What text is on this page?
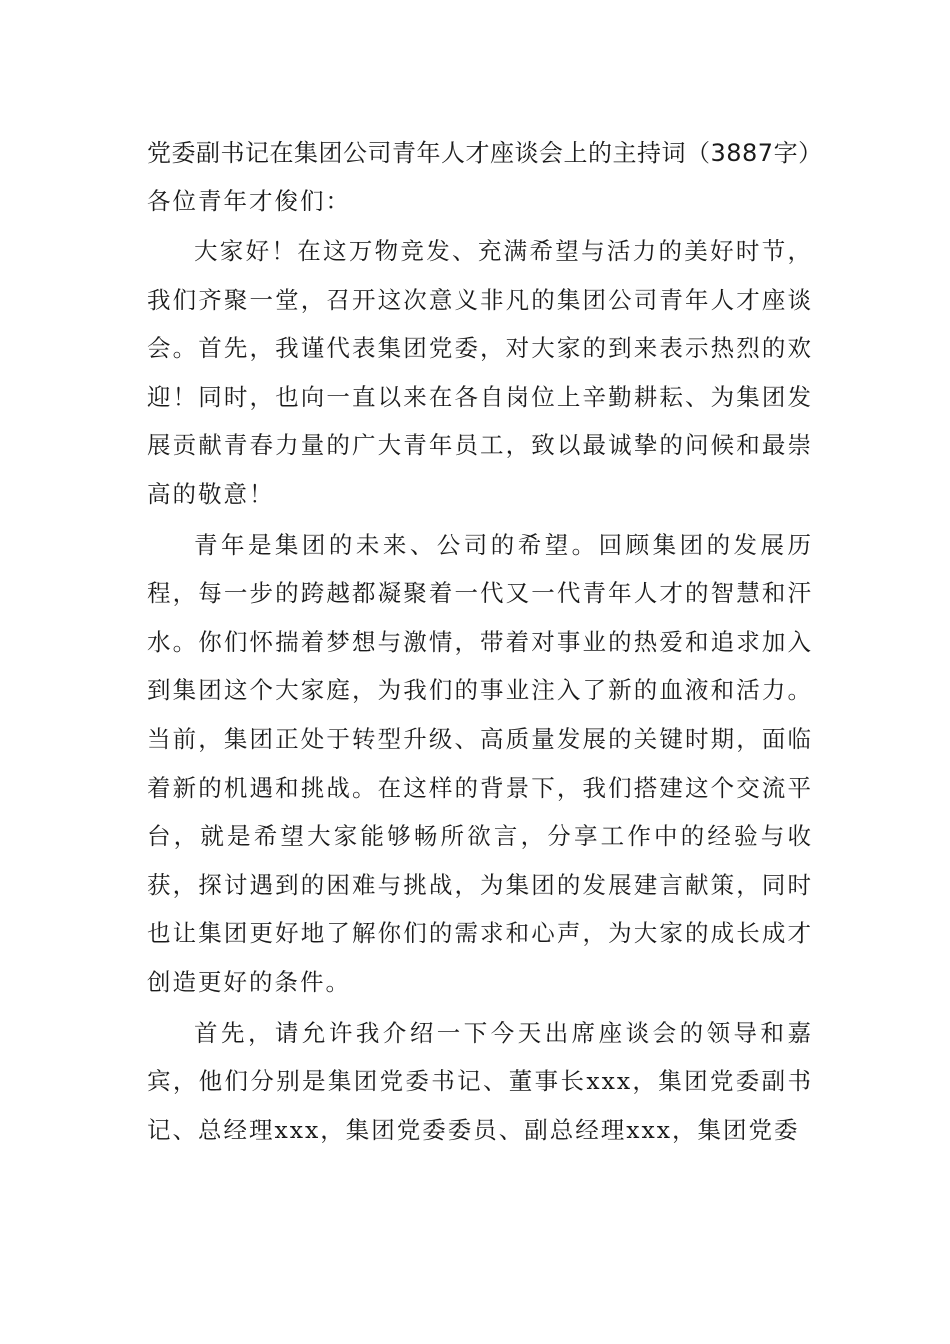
党委副书记在集团公司青年人才座谈会上的主持词（3887字）

各位青年才俊们：

大家好！在这万物竞发、充满希望与活力的美好时节，我们齐聚一堂，召开这次意义非凡的集团公司青年人才座谈会。首先，我谨代表集团党委，对大家的到来表示热烈的欢迎！同时，也向一直以来在各自岗位上辛勤耕耘、为集团发展贡献青春力量的广大青年员工，致以最诚挚的问候和最崇高的敬意！

青年是集团的未来、公司的希望。回顾集团的发展历程，每一步的跨越都凝聚着一代又一代青年人才的智慧和汗水。你们怀揣着梦想与激情，带着对事业的热爱和追求加入到集团这个大家庭，为我们的事业注入了新的血液和活力。当前，集团正处于转型升级、高质量发展的关键时期，面临着新的机遇和挑战。在这样的背景下，我们搭建这个交流平台，就是希望大家能够畅所欲言，分享工作中的经验与收获，探讨遇到的困难与挑战，为集团的发展建言献策，同时也让集团更好地了解你们的需求和心声，为大家的成长成才创造更好的条件。

首先，请允许我介绍一下今天出席座谈会的领导和嘉宾，他们分别是集团党委书记、董事长xxx，集团党委副书记、总经理xxx，集团党委委员、副总经理xxx，集团党委
